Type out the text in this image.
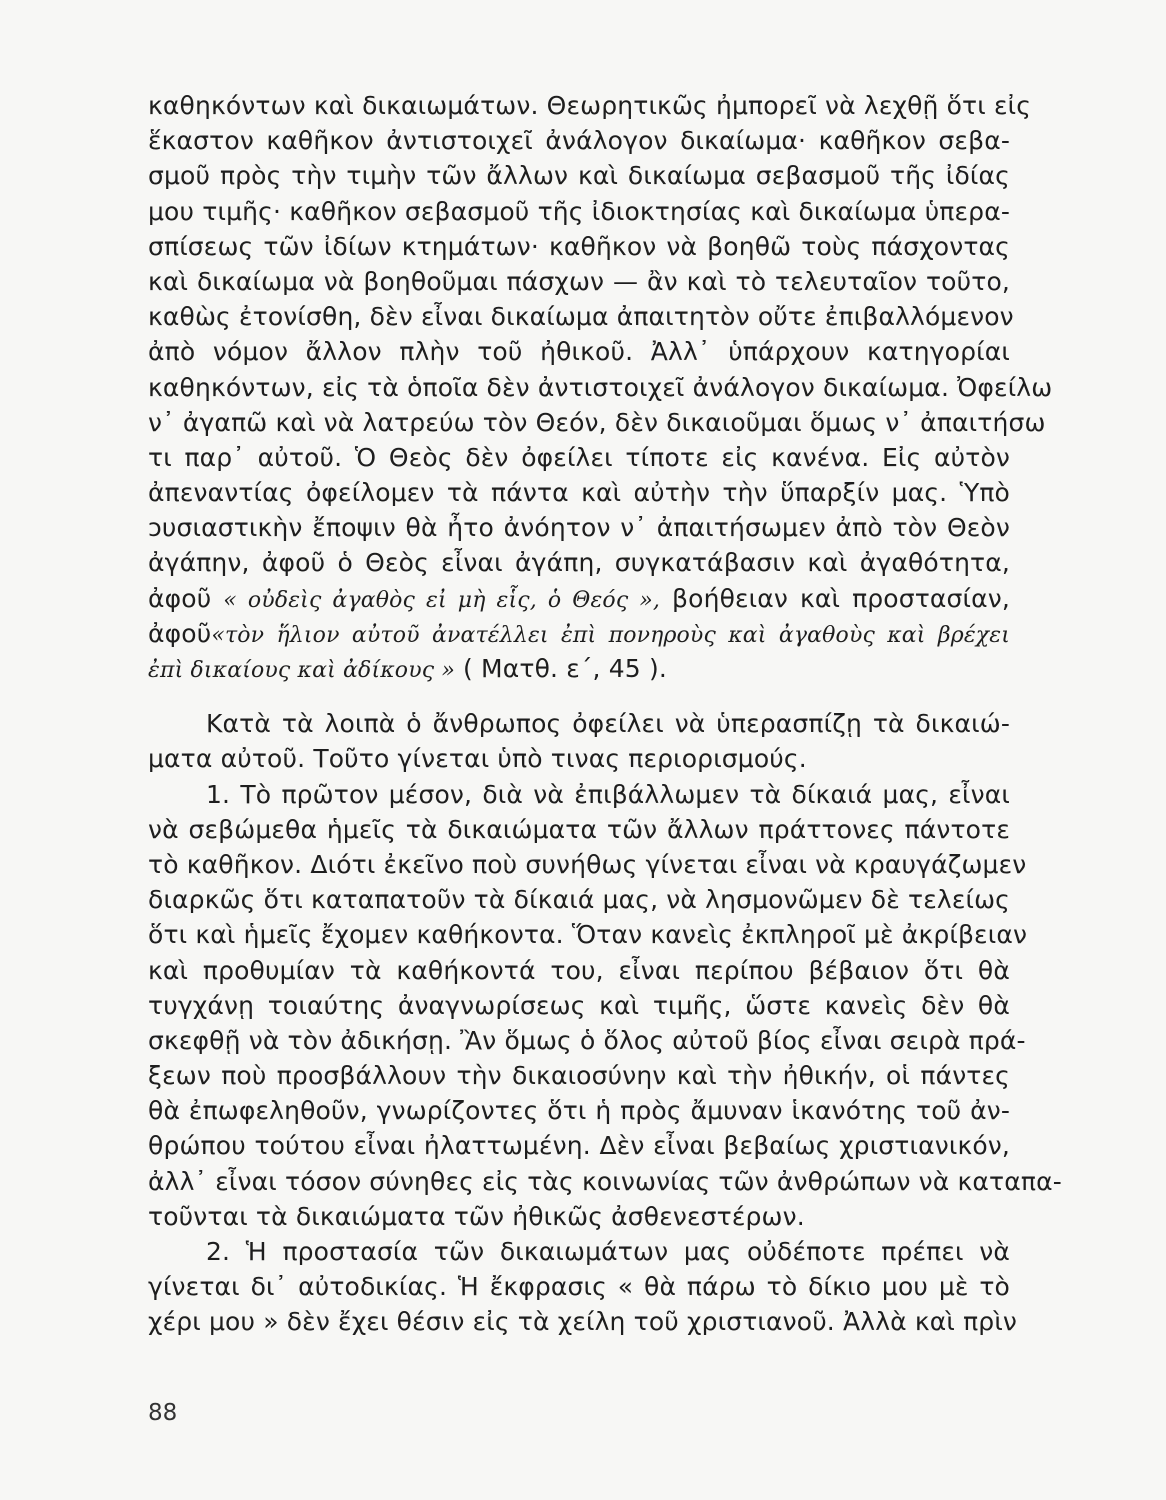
καθηκόντων καὶ δικαιωμάτων. Θεωρητικῶς ἠμπορεῖ νὰ λεχθῇ ὅτι εἰς
ἕκαστον καθῆκον ἀντιστοιχεῖ ἀνάλογον δικαίωμα· καθῆκον σεβα-
σμοῦ πρὸς τὴν τιμὴν τῶν ἄλλων καὶ δικαίωμα σεβασμοῦ τῆς ἰδίας
μου τιμῆς· καθῆκον σεβασμοῦ τῆς ἰδιοκτησίας καὶ δικαίωμα ὑπερα-
σπίσεως τῶν ἰδίων κτημάτων· καθῆκον νὰ βοηθῶ τοὺς πάσχοντας
καὶ δικαίωμα νὰ βοηθοῦμαι πάσχων — ἂν καὶ τὸ τελευταῖον τοῦτο,
καθὼς ἐτονίσθη, δὲν εἶναι δικαίωμα ἀπαιτητὸν οὔτε ἐπιβαλλόμενον
ἀπὸ νόμον ἄλλον πλὴν τοῦ ἠθικοῦ. Ἀλλ᾿ ὑπάρχουν κατηγορίαι
καθηκόντων, εἰς τὰ ὁποῖα δὲν ἀντιστοιχεῖ ἀνάλογον δικαίωμα. Ὀφείλω
ν᾿ ἀγαπῶ καὶ νὰ λατρεύω τὸν Θεόν, δὲν δικαιοῦμαι ὅμως ν᾿ ἀπαιτήσω
τι παρ᾿ αὐτοῦ. Ὁ Θεὸς δὲν ὀφείλει τίποτε εἰς κανένα. Εἰς αὐτὸν
ἀπεναντίας ὀφείλομεν τὰ πάντα καὶ αὐτὴν τὴν ὕπαρξίν μας. Ὑπὸ
ɔυσιαστικὴν ἔποψιν θὰ ἦτο ἀνόητον ν᾿ ἀπαιτήσωμεν ἀπὸ τὸν Θεὸν
ἀγάπην, ἀφοῦ ὁ Θεὸς εἶναι ἀγάπη, συγκατάβασιν καὶ ἀγαθότητα,
ἀφοῦ « οὐδεὶς ἀγαθὸς εἰ μὴ εἷς, ὁ Θεός », βοήθειαν καὶ προστασίαν,
ἀφοῦ«τὸν ἥλιον αὐτοῦ ἀνατέλλει ἐπὶ πονηροὺς καὶ ἀγαθοὺς καὶ βρέχει
ἐπὶ δικαίους καὶ ἀδίκους » ( Ματθ. ε΄, 45 ).
Κατὰ τὰ λοιπὰ ὁ ἄνθρωπος ὀφείλει νὰ ὑπερασπίζῃ τὰ δικαιώ-
ματα αὐτοῦ. Τοῦτο γίνεται ὑπὸ τινας περιορισμούς.
1. Τὸ πρῶτον μέσον, διὰ νὰ ἐπιβάλλωμεν τὰ δίκαιά μας, εἶναι
νὰ σεβώμεθα ἡμεῖς τὰ δικαιώματα τῶν ἄλλων πράττονες πάντοτε
τὸ καθῆκον. Διότι ἐκεῖνο ποὺ συνήθως γίνεται εἶναι νὰ κραυγάζωμεν
διαρκῶς ὅτι καταπατοῦν τὰ δίκαιά μας, νὰ λησμονῶμεν δὲ τελείως
ὅτι καὶ ἡμεῖς ἔχομεν καθήκοντα. Ὅταν κανεὶς ἐκπληροῖ μὲ ἀκρίβειαν
καὶ προθυμίαν τὰ καθήκοντά του, εἶναι περίπου βέβαιον ὅτι θὰ
τυγχάνῃ τοιαύτης ἀναγνωρίσεως καὶ τιμῆς, ὥστε κανεὶς δὲν θὰ
σκεφθῇ νὰ τὸν ἀδικήσῃ. Ἂν ὅμως ὁ ὅλος αὐτοῦ βίος εἶναι σειρὰ πρά-
ξεων ποὺ προσβάλλουν τὴν δικαιοσύνην καὶ τὴν ἠθικήν, οἱ πάντες
θὰ ἐπωφεληθοῦν, γνωρίζοντες ὅτι ἡ πρὸς ἄμυναν ἱκανότης τοῦ ἀν-
θρώπου τούτου εἶναι ἠλαττωμένη. Δὲν εἶναι βεβαίως χριστιανικόν,
ἀλλ᾿ εἶναι τόσον σύνηθες εἰς τὰς κοινωνίας τῶν ἀνθρώπων νὰ καταπα-
τοῦνται τὰ δικαιώματα τῶν ἠθικῶς ἀσθενεστέρων.
2. Ἡ προστασία τῶν δικαιωμάτων μας οὐδέποτε πρέπει νὰ
γίνεται δι᾿ αὐτοδικίας. Ἡ ἔκφρασις « θὰ πάρω τὸ δίκιο μου μὲ τὸ
χέρι μου » δὲν ἔχει θέσιν εἰς τὰ χείλη τοῦ χριστιανοῦ. Ἀλλὰ καὶ πρὶν
88
